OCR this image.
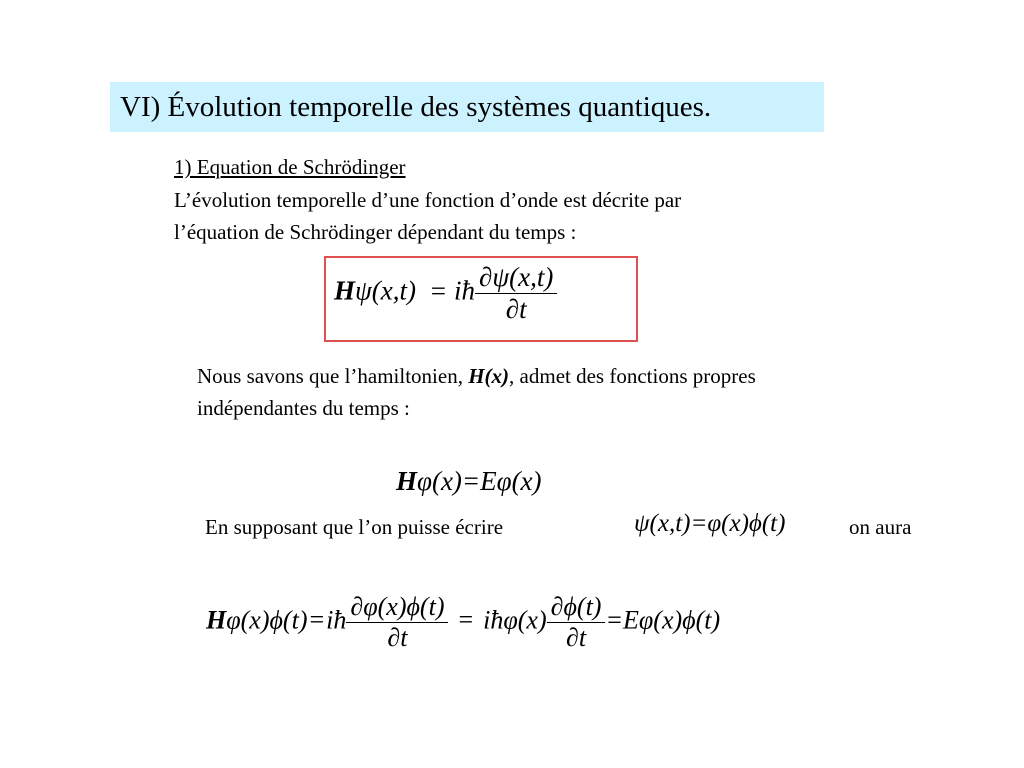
VI) Évolution temporelle des systèmes quantiques.
1) Equation de Schrödinger
L’évolution temporelle d’une fonction d’onde est décrite par
l’équation de Schrödinger dépendant du temps :
Hψ(x,t) = iħ $\frac{\partial\psi(x,t)}{\partial t}$
Nous savons que l’hamiltonien, H(x), admet des fonctions propres
indépendantes du temps :
Hφ(x)=Eφ(x)
En supposant que l’on puisse écrire	ψ(x,t)=φ(x)ϕ(t)	on aura
Hφ(x)ϕ(t)=iħ $\frac{\partial\varphi(x)\phi(t)}{\partial t}$ = iħφ(x) $\frac{\partial\phi(t)}{\partial t} =E\varphi(x)\phi(t)$
